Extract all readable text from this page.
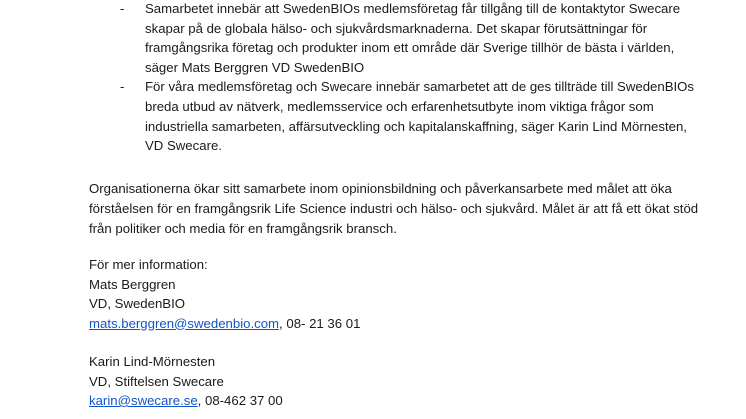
- Samarbetet innebär att SwedenBIOs medlemsföretag får tillgång till de kontaktytor Swecare skapar på de globala hälso- och sjukvårdsmarknaderna. Det skapar förutsättningar för framgångsrika företag och produkter inom ett område där Sverige tillhör de bästa i världen, säger Mats Berggren VD SwedenBIO
- För våra medlemsföretag och Swecare innebär samarbetet att de ges tillträde till SwedenBIOs breda utbud av nätverk, medlemsservice och erfarenhetsutbyte inom viktiga frågor som industriella samarbeten, affärsutveckling och kapitalanskaffning, säger Karin Lind Mörnesten, VD Swecare.

Organisationerna ökar sitt samarbete inom opinionsbildning och påverkansarbete med målet att öka förståelsen för en framgångsrik Life Science industri och hälso- och sjukvård. Målet är att få ett ökat stöd från politiker och media för en framgångsrik bransch.

För mer information:
Mats Berggren
VD, SwedenBIO
mats.berggren@swedenbio.com, 08- 21 36 01
Karin Lind-Mörnesten
VD, Stiftelsen Swecare
karin@swecare.se, 08-462 37 00
